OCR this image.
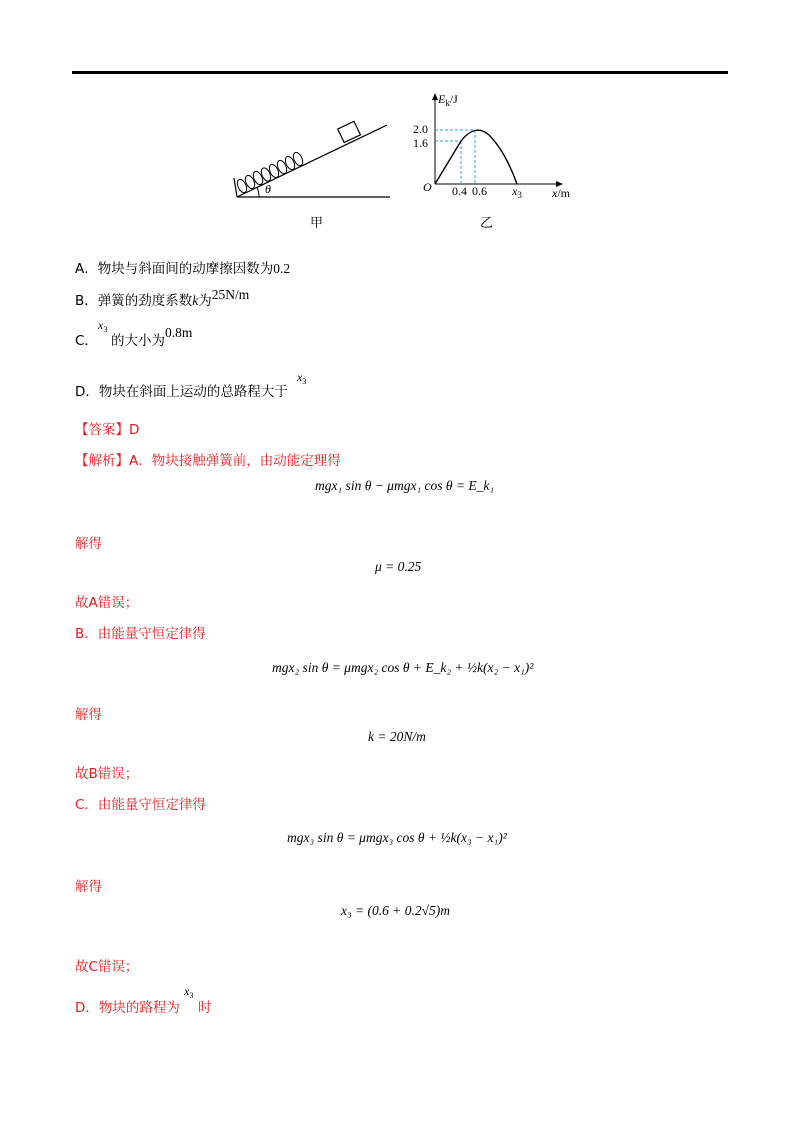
θ
甲
$E_k/J$
2.0
1.6
O 0.4 0.6 $x_3$	x/m
乙
A．物块与斜面间的动摩擦因数为0.2
B．弹簧的劲度系数k为25N/m
C．
$x_3$
的大小为0.8m
D．物块在斜面上运动的总路程大于
$x_3$
【答案】D
【解析】A．物块接触弹簧前，由动能定理得
mgx₁ sin θ − μmgx₁ cos θ = E_k₁
解得
μ = 0.25
故A错误；
B．由能量守恒定律得
mgx₂ sin θ = μmgx₂ cos θ + E_k₂ + ½k(x₂ − x₁)²
解得
k = 20N/m
故B错误；
C．由能量守恒定律得
mgx₃ sin θ = μmgx₃ cos θ + ½k(x₃ − x₁)²
解得
x₃ = (0.6 + 0.2√5)m
故C错误；
D．物块的路程为
$x_3$
时
